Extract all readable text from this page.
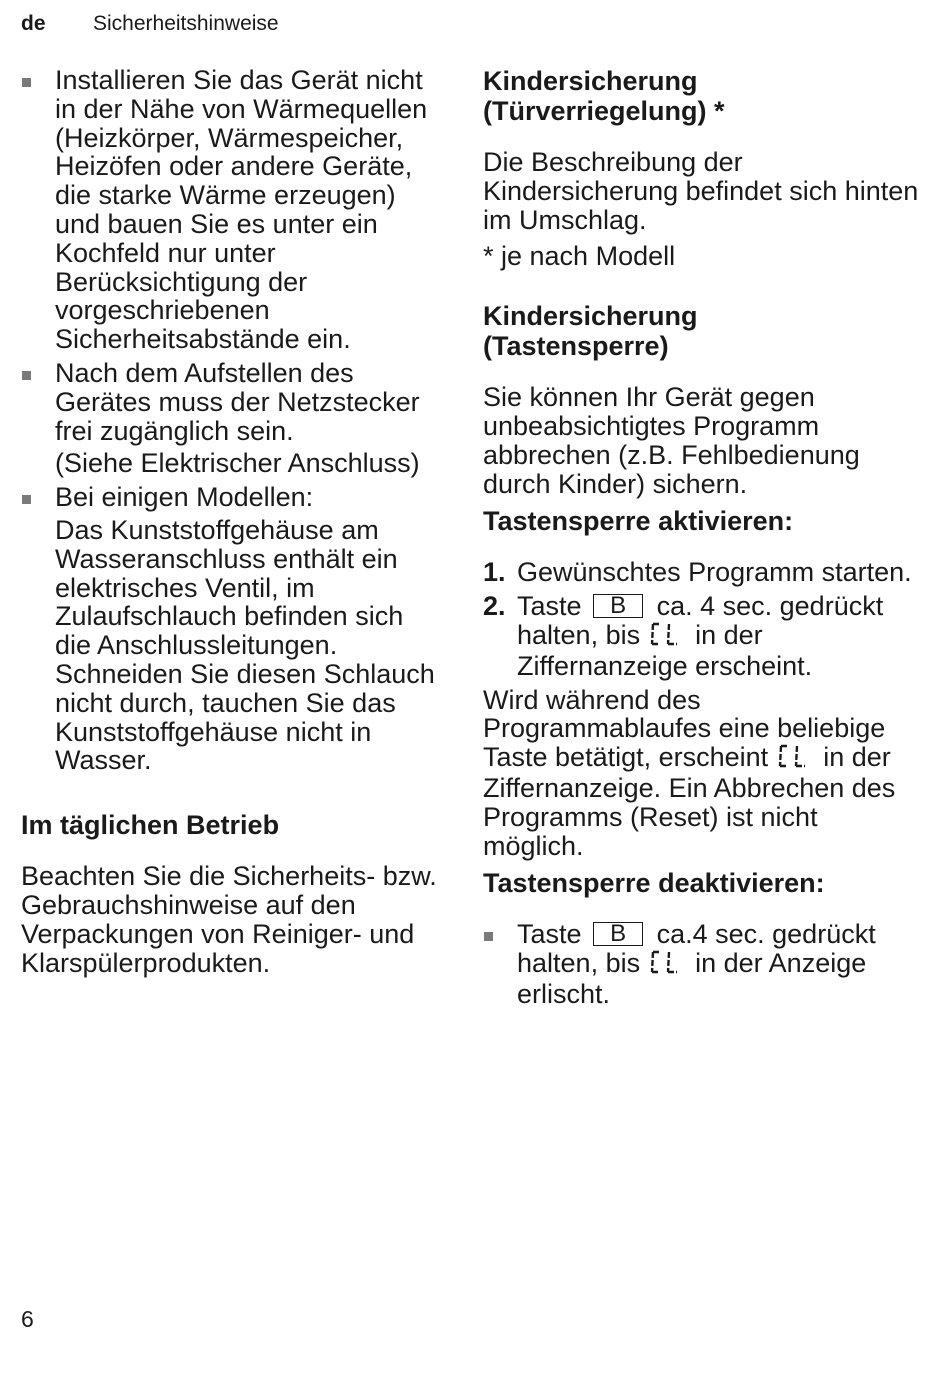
de	Sicherheitshinweise

Installieren Sie das Gerät nicht in der Nähe von Wärmequellen (Heizkörper, Wärmespeicher, Heizöfen oder andere Geräte, die starke Wärme erzeugen) und bauen Sie es unter ein Kochfeld nur unter Berücksichtigung der vorgeschriebenen Sicherheitsabstände ein.

Nach dem Aufstellen des Gerätes muss der Netzstecker frei zugänglich sein.

(Siehe Elektrischer Anschluss)

Bei einigen Modellen:

Das Kunststoffgehäuse am Wasseranschluss enthält ein elektrisches Ventil, im Zulaufschlauch befinden sich die Anschlussleitungen. Schneiden Sie diesen Schlauch nicht durch, tauchen Sie das Kunststoffgehäuse nicht in Wasser.

Im täglichen Betrieb

Beachten Sie die Sicherheits- bzw. Gebrauchshinweise auf den Verpackungen von Reiniger- und Klarspülerprodukten.

Kindersicherung
(Türverriegelung) *

Die Beschreibung der Kindersicherung befindet sich hinten im Umschlag.

* je nach Modell

Kindersicherung
(Tastensperre)

Sie können Ihr Gerät gegen unbeabsichtigtes Programm abbrechen (z.B. Fehlbedienung durch Kinder) sichern.

Tastensperre aktivieren:
1. Gewünschtes Programm starten.
2. Taste B ca. 4 sec. gedrückt halten, bis in der Ziffernanzeige erscheint.

Wird während des Programmablaufes eine beliebige Taste betätigt, erscheint in der Ziffernanzeige. Ein Abbrechen des Programms (Reset) ist nicht möglich.

Tastensperre deaktivieren:

Taste B ca.4 sec. gedrückt halten, bis in der Anzeige erlischt.

6
